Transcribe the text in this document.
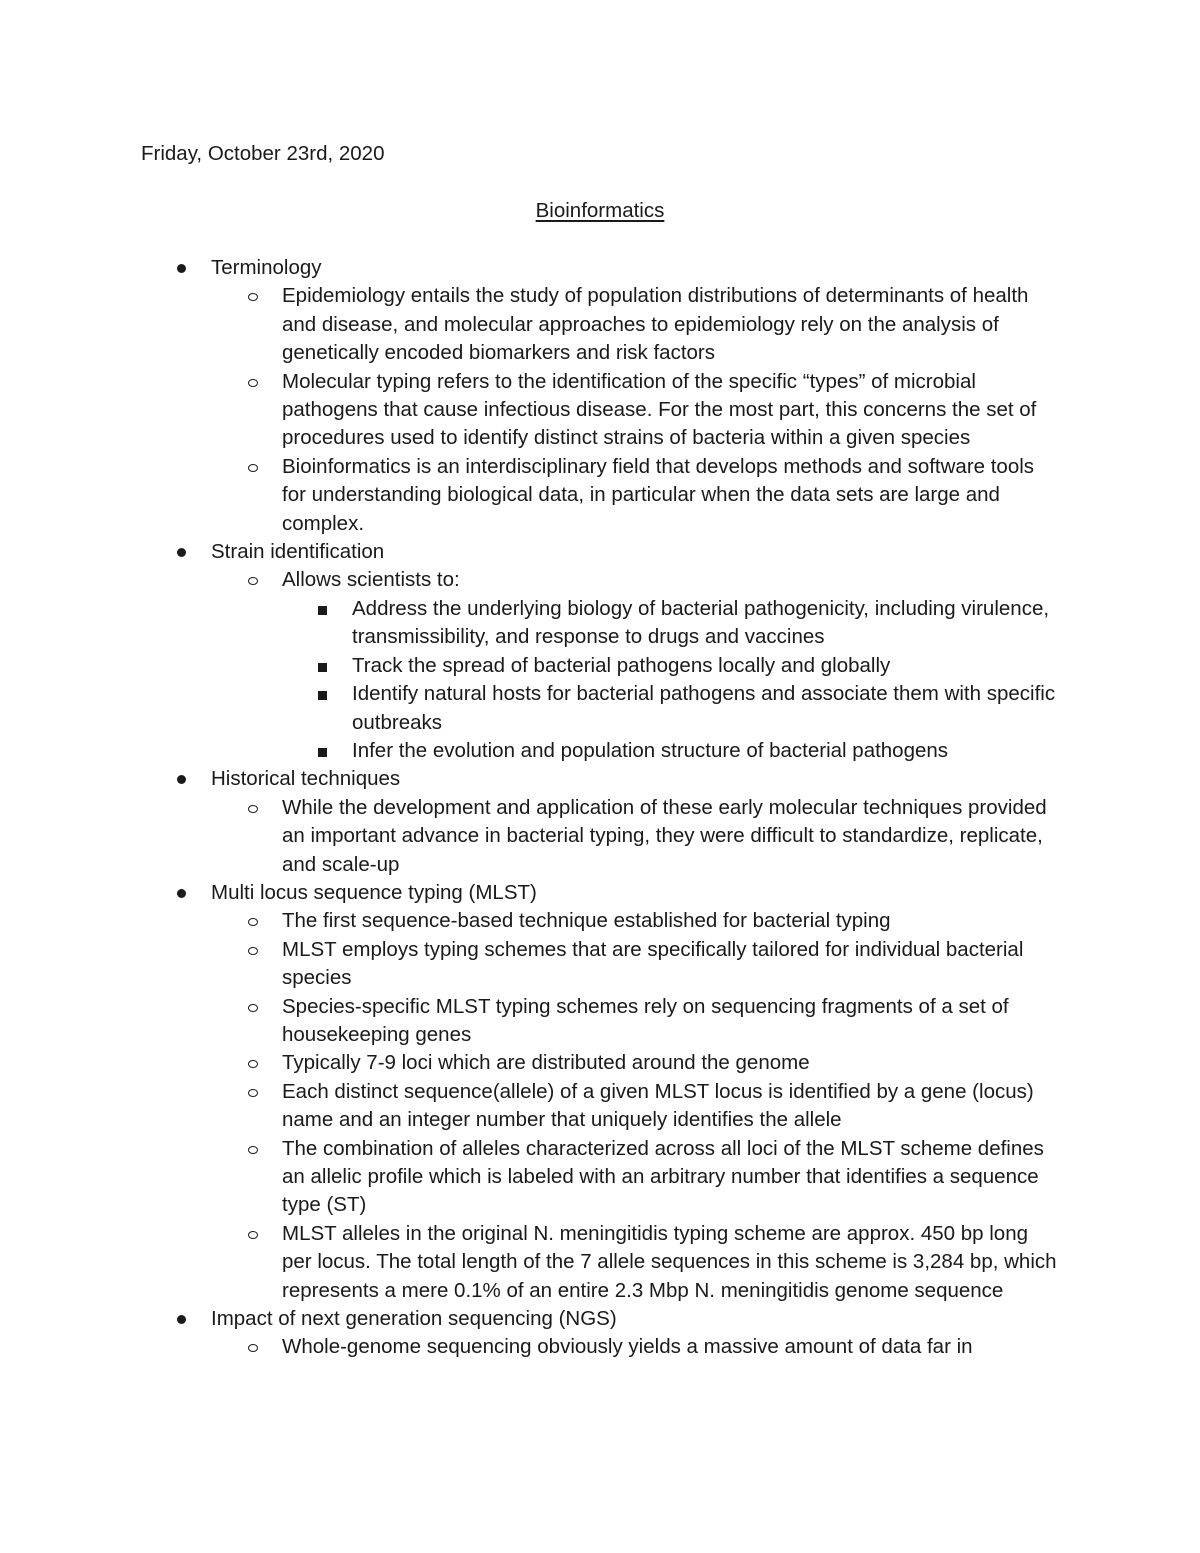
Friday, October 23rd, 2020

Bioinformatics
Terminology
Epidemiology entails the study of population distributions of determinants of health and disease, and molecular approaches to epidemiology rely on the analysis of genetically encoded biomarkers and risk factors
Molecular typing refers to the identification of the specific “types” of microbial pathogens that cause infectious disease. For the most part, this concerns the set of procedures used to identify distinct strains of bacteria within a given species
Bioinformatics is an interdisciplinary field that develops methods and software tools for understanding biological data, in particular when the data sets are large and complex.
Strain identification
Allows scientists to:
Address the underlying biology of bacterial pathogenicity, including virulence, transmissibility, and response to drugs and vaccines
Track the spread of bacterial pathogens locally and globally
Identify natural hosts for bacterial pathogens and associate them with specific outbreaks
Infer the evolution and population structure of bacterial pathogens
Historical techniques
While the development and application of these early molecular techniques provided an important advance in bacterial typing, they were difficult to standardize, replicate, and scale-up
Multi locus sequence typing (MLST)
The first sequence-based technique established for bacterial typing
MLST employs typing schemes that are specifically tailored for individual bacterial species
Species-specific MLST typing schemes rely on sequencing fragments of a set of housekeeping genes
Typically 7-9 loci which are distributed around the genome
Each distinct sequence(allele) of a given MLST locus is identified by a gene (locus) name and an integer number that uniquely identifies the allele
The combination of alleles characterized across all loci of the MLST scheme defines an allelic profile which is labeled with an arbitrary number that identifies a sequence type (ST)
MLST alleles in the original N. meningitidis typing scheme are approx. 450 bp long per locus. The total length of the 7 allele sequences in this scheme is 3,284 bp, which represents a mere 0.1% of an entire 2.3 Mbp N. meningitidis genome sequence
Impact of next generation sequencing (NGS)
Whole-genome sequencing obviously yields a massive amount of data far in
